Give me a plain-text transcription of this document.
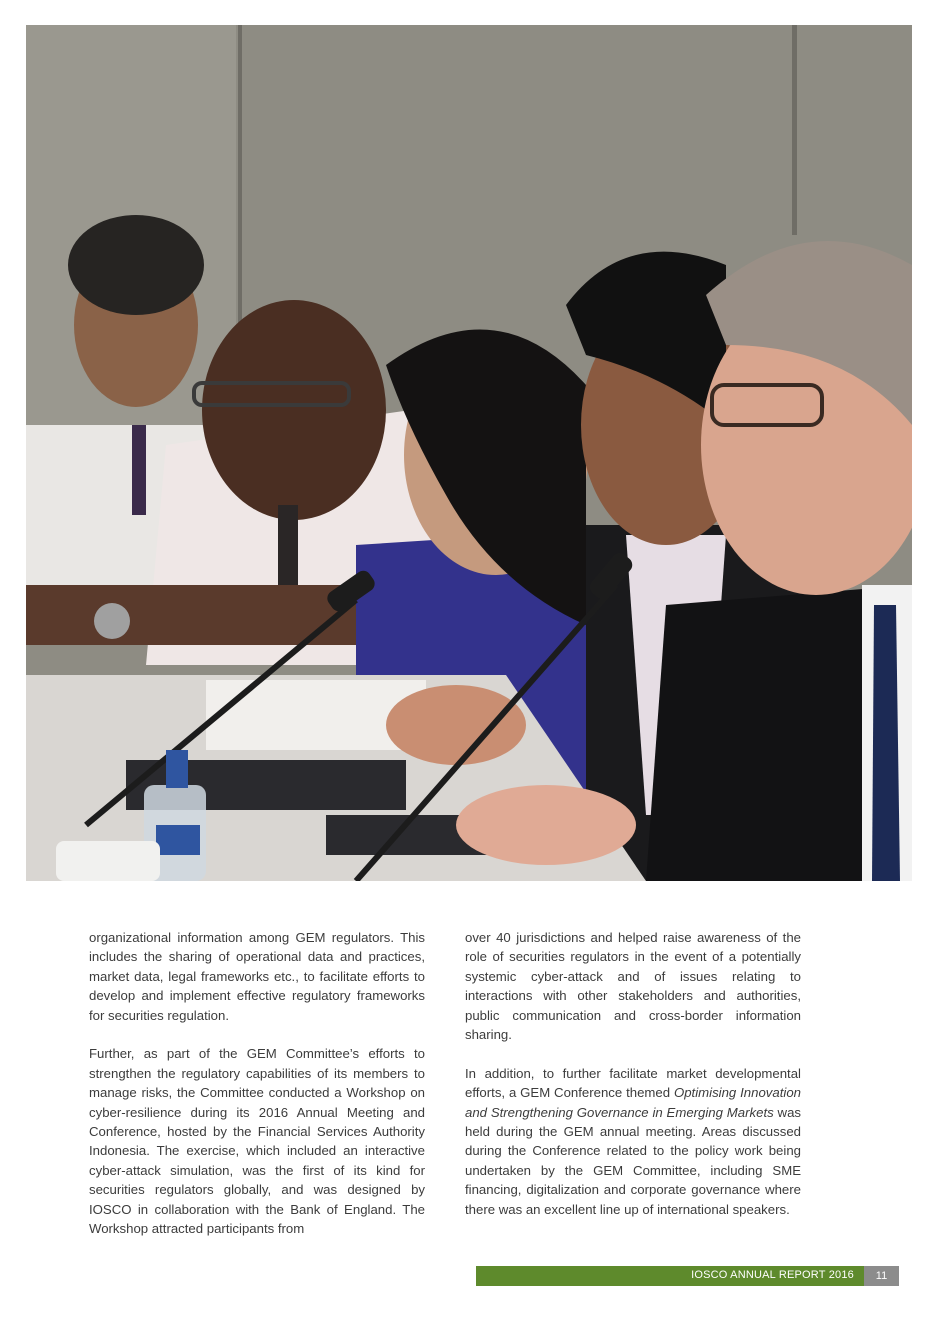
organizational information among GEM regulators. This includes the sharing of operational data and practices, market data, legal frameworks etc., to facilitate efforts to develop and implement effective regulatory frameworks for securities regulation.

Further, as part of the GEM Committee’s efforts to strengthen the regulatory capabilities of its members to manage risks, the Committee conducted a Workshop on cyber-resilience during its 2016 Annual Meeting and Conference, hosted by the Financial Services Authority Indonesia. The exercise, which included an interactive cyber-attack simulation, was the first of its kind for securities regulators globally, and was designed by IOSCO in collaboration with the Bank of England. The Workshop attracted participants from

over 40 jurisdictions and helped raise awareness of the role of securities regulators in the event of a potentially systemic cyber-attack and of issues relating to interactions with other stakeholders and authorities, public communication and cross-border information sharing.

In addition, to further facilitate market developmental efforts, a GEM Conference themed Optimising Innovation and Strengthening Governance in Emerging Markets was held during the GEM annual meeting. Areas discussed during the Conference related to the policy work being undertaken by the GEM Committee, including SME financing, digitalization and corporate governance where there was an excellent line up of international speakers.

IOSCO ANNUAL REPORT 2016	11
